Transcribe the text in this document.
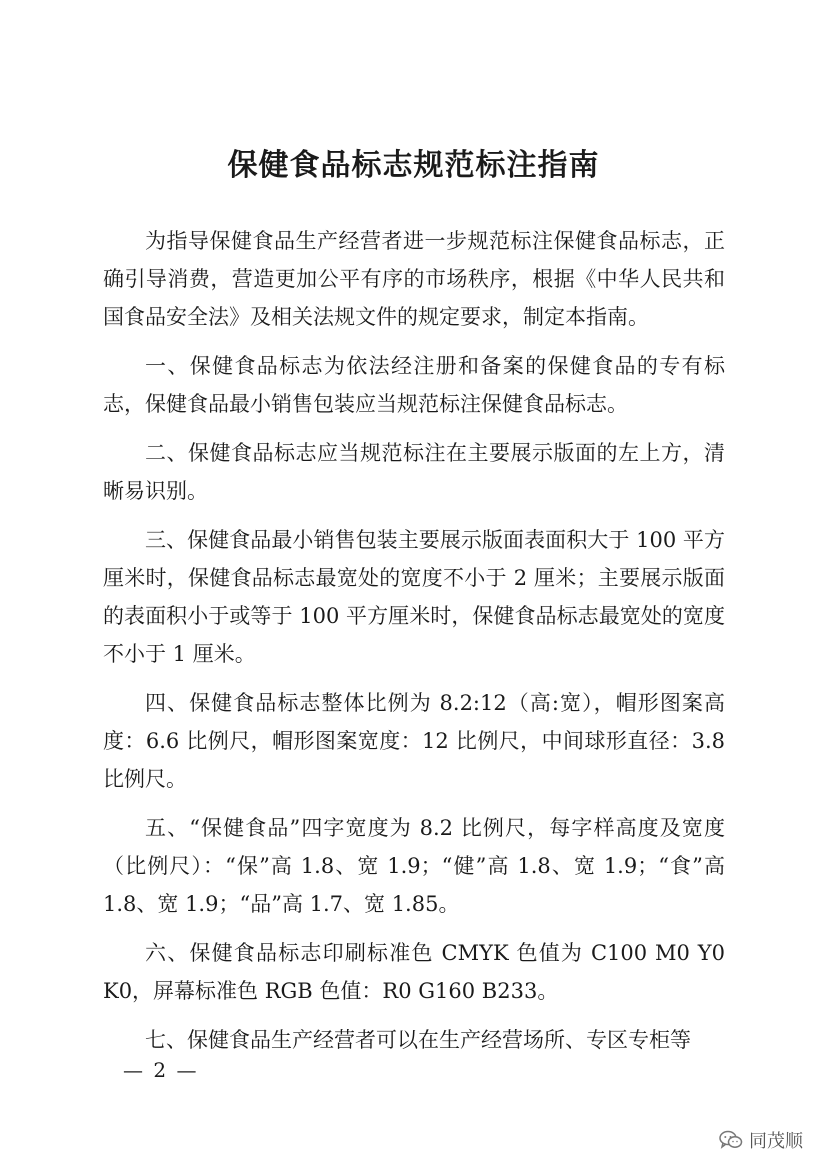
保健食品标志规范标注指南

为指导保健食品生产经营者进一步规范标注保健食品标志，正确引导消费，营造更加公平有序的市场秩序，根据《中华人民共和国食品安全法》及相关法规文件的规定要求，制定本指南。

一、保健食品标志为依法经注册和备案的保健食品的专有标志，保健食品最小销售包装应当规范标注保健食品标志。

二、保健食品标志应当规范标注在主要展示版面的左上方，清晰易识别。

三、保健食品最小销售包装主要展示版面表面积大于 100 平方厘米时，保健食品标志最宽处的宽度不小于 2 厘米；主要展示版面的表面积小于或等于 100 平方厘米时，保健食品标志最宽处的宽度不小于 1 厘米。

四、保健食品标志整体比例为 8.2:12（高:宽），帽形图案高度：6.6 比例尺，帽形图案宽度：12 比例尺，中间球形直径：3.8 比例尺。

五、“保健食品”四字宽度为 8.2 比例尺，每字样高度及宽度（比例尺）：“保”高 1.8、宽 1.9；“健”高 1.8、宽 1.9；“食”高 1.8、宽 1.9；“品”高 1.7、宽 1.85。

六、保健食品标志印刷标准色 CMYK 色值为 C100 M0 Y0 K0，屏幕标准色 RGB 色值：R0 G160 B233。

七、保健食品生产经营者可以在生产经营场所、专区专柜等

— 2 —
同茂顺
